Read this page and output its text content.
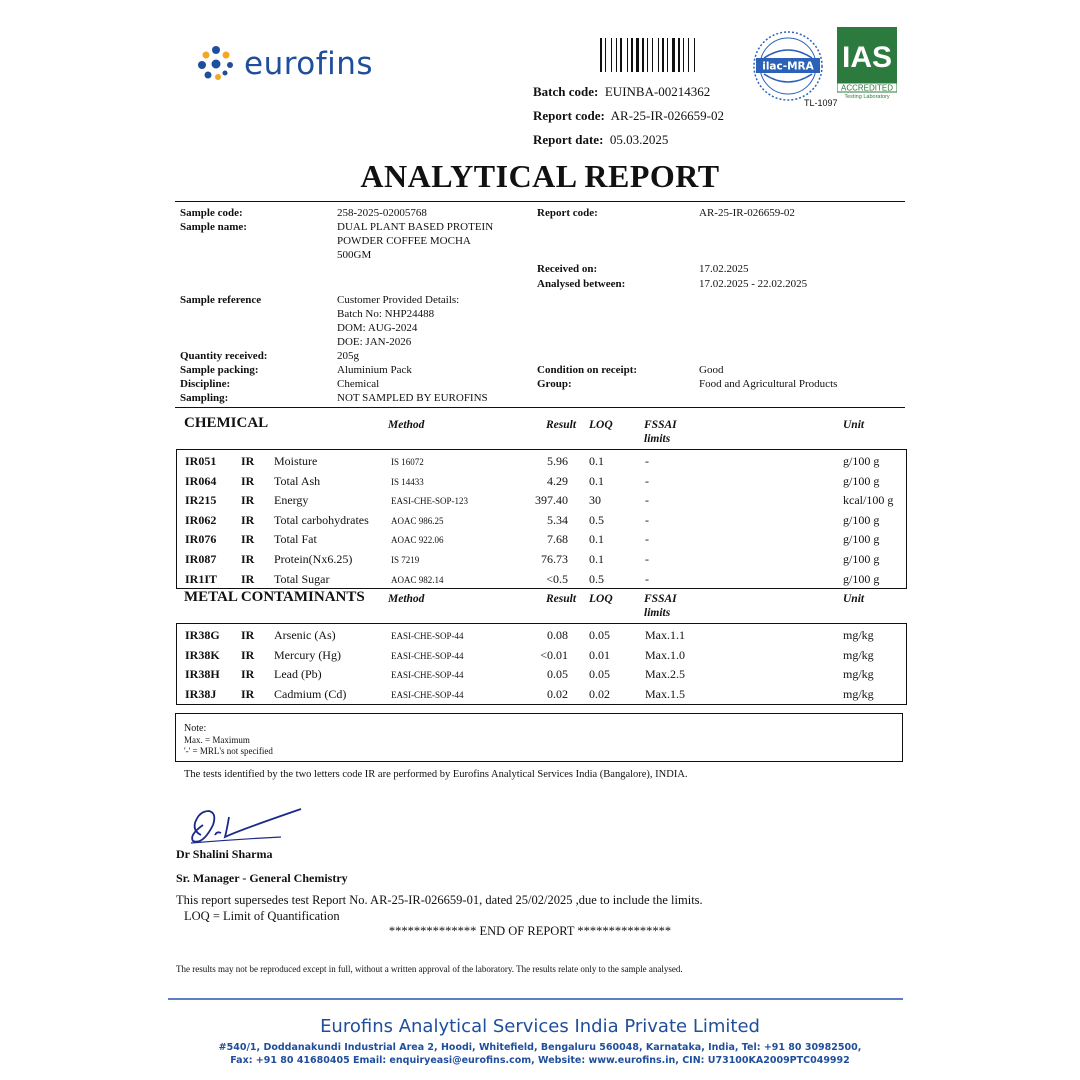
eurofins
Batch code: EUINBA-00214362
Report code: AR-25-IR-026659-02
Report date: 05.03.2025
ilac-MRA
TL-1097
IAS
ACCREDITED
Testing Laboratory
ANALYTICAL REPORT
Sample code:	258-2025-02005768
Sample name:	DUAL PLANT BASED PROTEIN
POWDER COFFEE MOCHA
500GM
Report code:	AR-25-IR-026659-02
Received on:	17.02.2025
Analysed between:	17.02.2025 - 22.02.2025
Sample reference	Customer Provided Details:
Batch No: NHP24488
DOM: AUG-2024
DOE: JAN-2026
Quantity received:	205g
Sample packing:	Aluminium Pack
Discipline:	Chemical
Sampling:	NOT SAMPLED BY EUROFINS
Condition on receipt:	Good
Group:	Food and Agricultural Products
CHEMICAL	Method	Result LOQ	FSSAI
limits
Unit
IR051 IR Moisture	IS 16072	5.96 0.1	-	g/100 g
IR064 IR Total Ash	IS 14433	4.29 0.1	-	g/100 g
IR215 IR Energy	EASI-CHE-SOP-123	397.40 30	-	kcal/100 g
IR062 IR Total carbohydrates AOAC 986.25	5.34 0.5	-	g/100 g
IR076 IR Total Fat	AOAC 922.06	7.68 0.1	-	g/100 g
IR087 IR Protein(Nx6.25)	IS 7219	76.73 0.1	-	g/100 g
IR1IT IR Total Sugar	AOAC 982.14	<0.5 0.5	-	g/100 g
METAL CONTAMINANTS Method	Result LOQ	FSSAI
limits
Unit
IR38G IR Arsenic (As)	EASI-CHE-SOP-44	0.08 0.05	Max.1.1	mg/kg
IR38K IR Mercury (Hg)	EASI-CHE-SOP-44	<0.01 0.01	Max.1.0	mg/kg
IR38H IR Lead (Pb)	EASI-CHE-SOP-44	0.05 0.05	Max.2.5	mg/kg
IR38J IR Cadmium (Cd)	EASI-CHE-SOP-44	0.02 0.02	Max.1.5	mg/kg
Note:
Max. = Maximum
'-' = MRL's not specified
The tests identified by the two letters code IR are performed by Eurofins Analytical Services India (Bangalore), INDIA.
Dr Shalini Sharma
Sr. Manager - General Chemistry
This report supersedes test Report No. AR-25-IR-026659-01, dated 25/02/2025 ,due to include the limits.
LOQ = Limit of Quantification
************** END OF REPORT ***************
The results may not be reproduced except in full, without a written approval of the laboratory. The results relate only to the sample analysed.
Eurofins Analytical Services India Private Limited
#540/1, Doddanakundi Industrial Area 2, Hoodi, Whitefield, Bengaluru 560048, Karnataka, India, Tel: +91 80 30982500,
Fax: +91 80 41680405 Email: enquiryeasi@eurofins.com, Website: www.eurofins.in, CIN: U73100KA2009PTC049992
